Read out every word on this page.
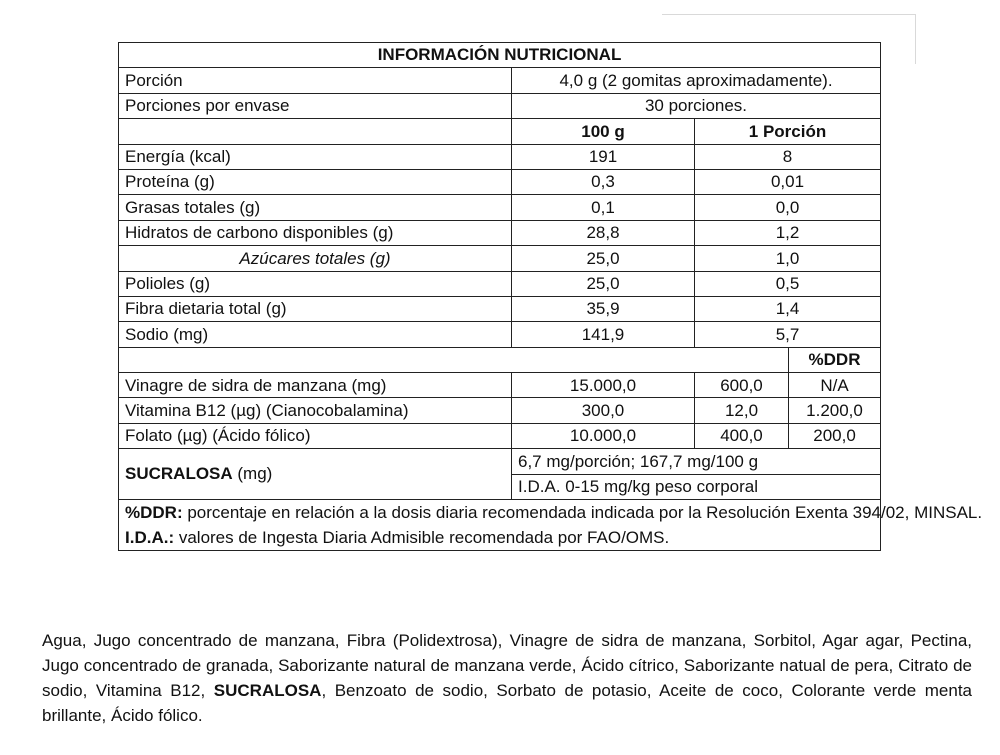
INFORMACIÓN NUTRICIONAL			
Porción	4,0 g (2 gomitas aproximadamente).		
Porciones por envase	30 porciones.		
	100 g	1 Porción	
Energía (kcal)	191	8	
Proteína (g)	0,3	0,01	
Grasas totales (g)	0,1	0,0	
Hidratos de carbono disponibles (g)	28,8	1,2	
Azúcares totales (g)	25,0	1,0	
Polioles (g)	25,0	0,5	
Fibra dietaria total (g)	35,9	1,4	
Sodio (mg)	141,9	5,7	
			%DDR
Vinagre de sidra de manzana (mg)	15.000,0	600,0	N/A
Vitamina B12 (µg) (Cianocobalamina)	300,0	12,0	1.200,0
Folato (µg) (Ácido fólico)	10.000,0	400,0	200,0
SUCRALOSA (mg)	6,7 mg/porción; 167,7 mg/100 g		
	I.D.A. 0-15 mg/kg peso corporal		
%DDR: porcentaje en relación a la dosis diaria recomendada indicada por la Resolución Exenta 394/02, MINSAL.
I.D.A.: valores de Ingesta Diaria Admisible recomendada por FAO/OMS.			

Agua, Jugo concentrado de manzana, Fibra (Polidextrosa), Vinagre de sidra de manzana, Sorbitol, Agar agar, Pectina, Jugo concentrado de granada, Saborizante natural de manzana verde, Ácido cítrico, Saborizante natual de pera, Citrato de sodio, Vitamina B12, SUCRALOSA, Benzoato de sodio, Sorbato de potasio, Aceite de coco, Colorante verde menta brillante, Ácido fólico.
